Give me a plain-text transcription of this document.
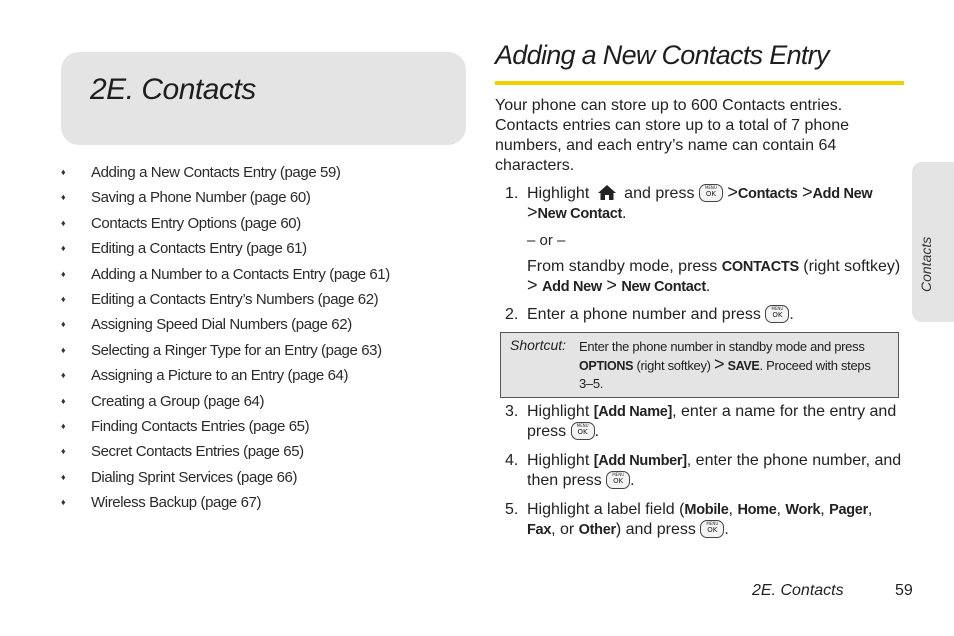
2E. Contacts
♦ Adding a New Contacts Entry (page 59)
♦ Saving a Phone Number (page 60)
♦ Contacts Entry Options (page 60)
♦ Editing a Contacts Entry (page 61)
♦ Adding a Number to a Contacts Entry (page 61)
♦ Editing a Contacts Entry’s Numbers (page 62)
♦ Assigning Speed Dial Numbers (page 62)
♦ Selecting a Ringer Type for an Entry (page 63)
♦ Assigning a Picture to an Entry (page 64)
♦ Creating a Group (page 64)
♦ Finding Contacts Entries (page 65)
♦ Secret Contacts Entries (page 65)
♦ Dialing Sprint Services (page 66)
♦ Wireless Backup (page 67)
Adding a New Contacts Entry
Your phone can store up to 600 Contacts entries. Contacts entries can store up to a total of 7 phone numbers, and each entry’s name can contain 64 characters.
1. Highlight and press	MENU
OK >Contacts >Add New
>New Contact.
– or –
From standby mode, press CONTACTS (right softkey) > Add New > New Contact.
2. Enter a phone number and press	MENU
OK .
Shortcut: Enter the phone number in standby mode and press OPTIONS (right softkey) > SAVE. Proceed with steps 3–5.
3. Highlight [Add Name], enter a name for the entry and press	MENU
OK .
4. Highlight [Add Number], enter the phone number, and then press	MENU
OK .
5. Highlight a label field (Mobile, Home, Work, Pager, Fax, or Other) and press	MENU
OK .
Contacts
2E. Contacts	59
